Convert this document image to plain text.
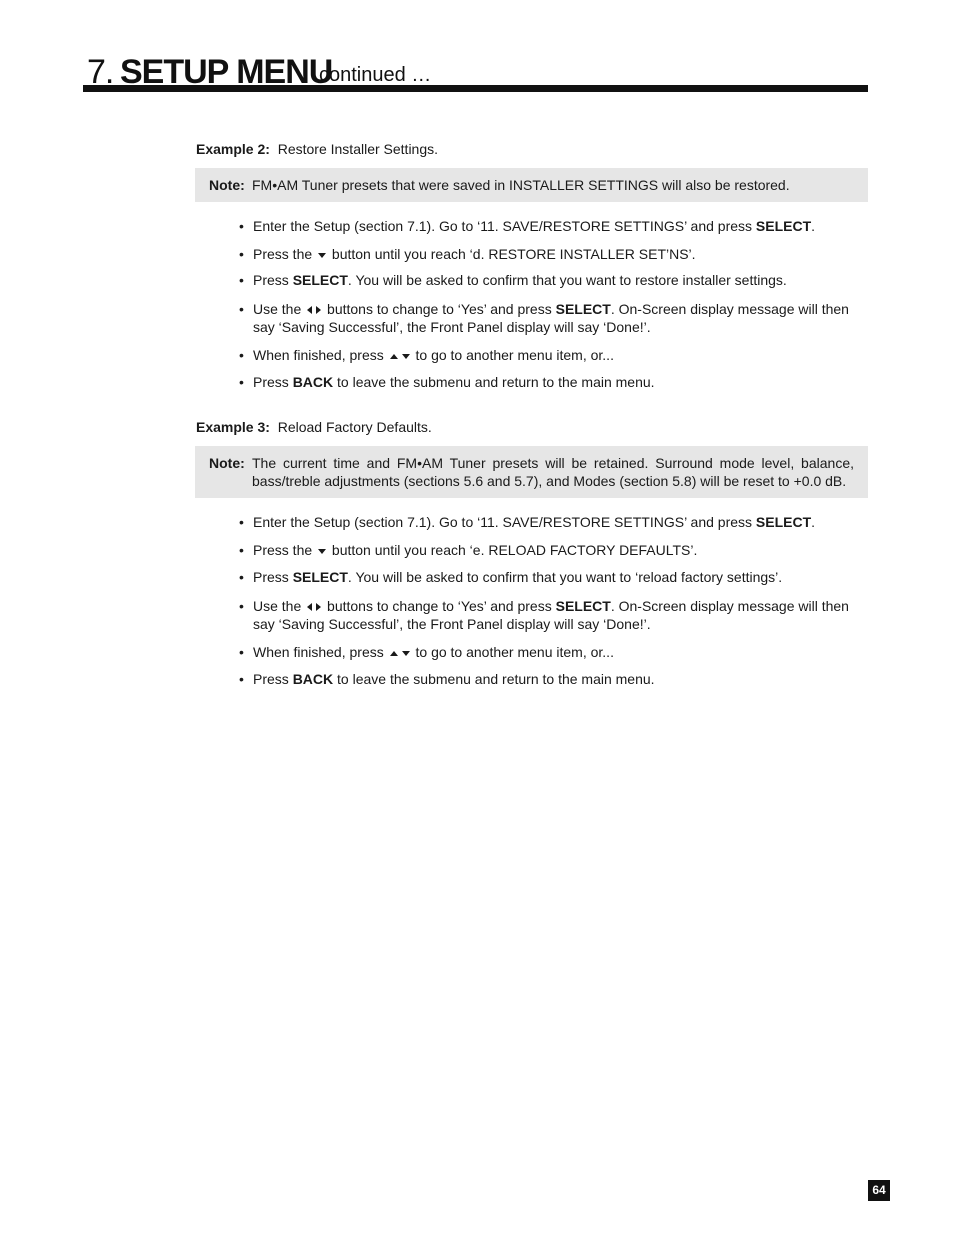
7. SETUP MENU
continued …

Example 2: Restore Installer Settings.

Note: FM•AM Tuner presets that were saved in INSTALLER SETTINGS will also be restored.
• Enter the Setup (section 7.1). Go to ‘11. SAVE/RESTORE SETTINGS’ and press SELECT.
• Press the button until you reach ‘d. RESTORE INSTALLER SET’NS’.
• Press SELECT. You will be asked to confirm that you want to restore installer settings.
• Use the buttons to change to ‘Yes’ and press SELECT. On-Screen display message will then say ‘Saving Successful’, the Front Panel display will say ‘Done!’.
• When finished, press to go to another menu item, or...
• Press BACK to leave the submenu and return to the main menu.

Example 3: Reload Factory Defaults.

Note: The current time and FM•AM Tuner presets will be retained. Surround mode level, balance, bass/treble adjustments (sections 5.6 and 5.7), and Modes (section 5.8) will be reset to +0.0 dB.
• Enter the Setup (section 7.1). Go to ‘11. SAVE/RESTORE SETTINGS’ and press SELECT.
• Press the button until you reach ‘e. RELOAD FACTORY DEFAULTS’.
• Press SELECT. You will be asked to confirm that you want to ‘reload factory settings’.
• Use the buttons to change to ‘Yes’ and press SELECT. On-Screen display message will then say ‘Saving Successful’, the Front Panel display will say ‘Done!’.
• When finished, press to go to another menu item, or...
• Press BACK to leave the submenu and return to the main menu.
64
